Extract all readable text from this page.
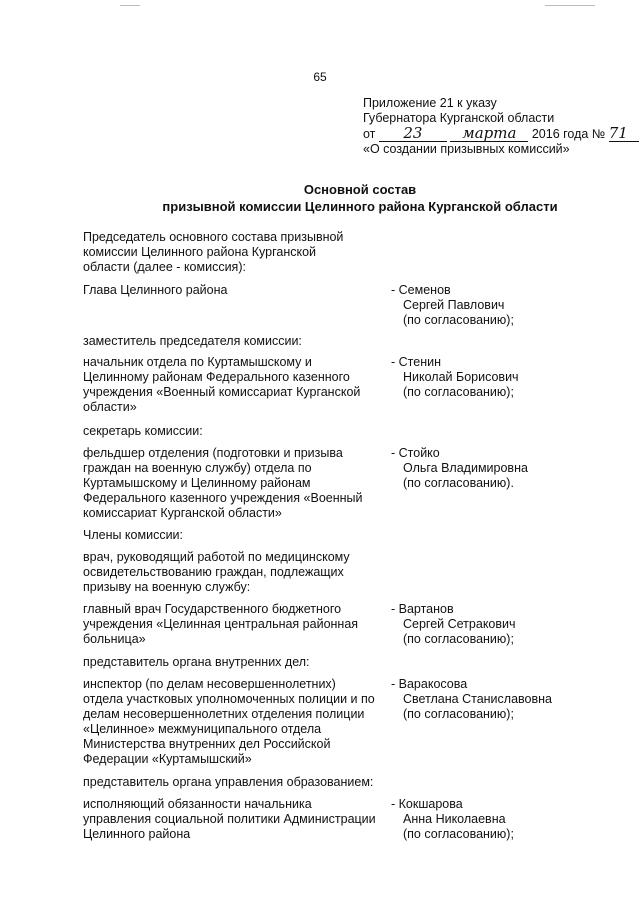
65
Приложение 21 к указу
Губернатора Курганской области
от 23	марта 2016 года № 71
«О создании призывных комиссий»
Основной состав
призывной комиссии Целинного района Курганской области
Председатель основного состава призывной
комиссии Целинного района Курганской
области (далее - комиссия):
Глава Целинного района	- Семенов
Сергей Павлович
(по согласованию);
заместитель председателя комиссии:
начальник отдела по Куртамышскому и
Целинному районам Федерального казенного
учреждения «Военный комиссариат Курганской
области»
- Стенин
Николай Борисович
(по согласованию);
секретарь комиссии:
фельдшер отделения (подготовки и призыва
граждан на военную службу) отдела по
Куртамышскому и Целинному районам
Федерального казенного учреждения «Военный
комиссариат Курганской области»
- Стойко
Ольга Владимировна
(по согласованию).
Члены комиссии:
врач, руководящий работой по медицинскому
освидетельствованию граждан, подлежащих
призыву на военную службу:
главный врач Государственного бюджетного
учреждения «Целинная центральная районная
больница»
- Вартанов
Сергей Сетракович
(по согласованию);
представитель органа внутренних дел:
инспектор (по делам несовершеннолетних)
отдела участковых уполномоченных полиции и по
делам несовершеннолетних отделения полиции
«Целинное» межмуниципального отдела
Министерства внутренних дел Российской
Федерации «Куртамышский»
- Варакосова
Светлана Станиславовна
(по согласованию);
представитель органа управления образованием:
исполняющий обязанности начальника
управления социальной политики Администрации
Целинного района
- Кокшарова
Анна Николаевна
(по согласованию);
